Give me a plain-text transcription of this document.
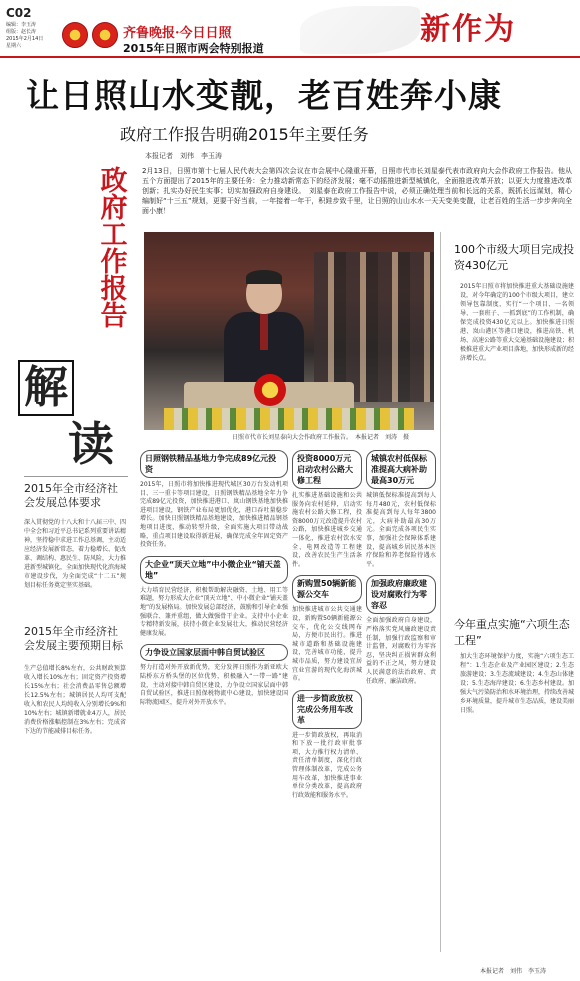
C02
编辑：李玉涛
组版：赵长涛
2015年2月14日
星期六
齐鲁晚报·今日日照
2015年日照市两会特别报道
新作为
让日照山水变靓，老百姓奔小康
政府工作报告明确2015年主要任务
本报记者　刘伟　李玉涛
2月13日，日照市第十七届人民代表大会第四次会议在市会展中心隆重开幕，日照市代市长刘星泰代表市政府向大会作政府工作报告。他从五个方面提出了2015年的主要任务：全力推动新常态下的经济发展；毫不动摇推进新型城镇化，全面推进改革开放；以更大力度推进改革创新；扎实办好民生实事；切实加强政府自身建设。　刘星泰在政府工作报告中说，必须正确处理当前和长远的关系，既抓长远谋划，精心编制好“十三五”规划，更要干好当前，一年接着一年干，积跬步致千里，让日照的山山水水一天天变美变靓，让老百姓的生活一步步奔向全面小康！
政府工作报告
解
读	日照市代市长刘星泰向大会作政府工作报告。　本报记者　刘涛　摄
2015年全市经济社会发展总体要求
深入贯彻党的十八大和十八届三中、四中全会和习近平总书记系列重要讲话精神，坚持稳中求进工作总基调，主动适应经济发展新常态，着力稳增长、促改革、调结构、惠民生、防风险，大力推进新型城镇化，全面加快现代化滨海城市建设步伐，为全面完成“十二五”规划目标任务奠定坚实基础。
2015年全市经济社会发展主要预期目标
生产总值增长8%左右，公共财政预算收入增长10%左右；固定资产投资增长15%左右；社会消费品零售总额增长12.5%左右；城镇居民人均可支配收入和农民人均纯收入分别增长9%和10%左右；城镇新增就业4万人，居民消费价格涨幅控制在3%左右；完成省下达的节能减排目标任务。
日照钢铁精品基地力争完成89亿元投资
2015年，日照市将加快推进现代城区30万台发动机项目、三一重卡等项目建设，日照钢铁精品基地全年力争完成89亿元投资，加快推进港口、岚山钢铁基地加快推进项目建设，钢铁产业布局更加优化，港口吞吐量稳步增长。加快日照钢铁精品基地建设，加快推进精品钢基地项目进度，推动转型升级，全面实施大项目带动战略，重点项目建设取得新进展，确保完成全年固定资产投资任务。
大企业“顶天立地”中小微企业“铺天盖地”
大力培育民营经济，积极帮助解决融资、土地、用工等难题，努力形成大企业“顶天立地”、中小微企业“铺天盖地”的发展格局。加快发展总部经济，鼓励和引导企业强强联合、兼并重组，做大做强骨干企业。支持中小企业专精特新发展，扶持小微企业发展壮大，推动民营经济健康发展。
力争设立国家层面中韩自贸试验区
努力打造对外开放新优势，充分发挥日照作为新亚欧大陆桥东方桥头堡的区位优势，积极融入“一带一路”建设，主动对接中韩自贸区建设，力争设立国家层面中韩自贸试验区，推进日照保税物流中心建设，加快建设国际物流园区，提升对外开放水平。
投资8000万元启动农村公路大修工程
扎实推进基础设施和公共服务向农村延伸，启动实施农村公路大修工程，投资8000万元改造提升农村公路，加快推进城乡交通一体化，推进农村饮水安全、电网改造等工程建设，改善农民生产生活条件。
新购置50辆新能源公交车
加快推进城市公共交通建设，新购置50辆新能源公交车，优化公交线网布局，方便市民出行。推进城市道路和基础设施建设，完善城市功能，提升城市品质，努力建设宜居宜业宜游的现代化海滨城市。
进一步简政放权完成公务用车改革
进一步简政放权，再取消和下放一批行政审批事项，大力推行权力清单、责任清单制度，深化行政管理体制改革，完成公务用车改革，加快推进事业单位分类改革，提高政府行政效能和服务水平。
城镇农村低保标准提高大病补助最高30万元
城镇低保标准提高到每人每月480元，农村低保标准提高到每人每年3800元，大病补助最高30万元。全面完成各项民生实事，加强社会保障体系建设，提高城乡居民基本医疗保险和养老保险待遇水平。
加强政府廉政建设对腐败行为零容忍
全面加强政府自身建设，严格落实党风廉政建设责任制，加强行政监察和审计监督，对腐败行为零容忍，坚决纠正损害群众利益的不正之风，努力建设人民满意的法治政府、责任政府、廉洁政府。
100个市级大项目完成投资430亿元
2015年日照市将加快推进重大基础设施建设，对今年确定的100个市级大项目，建立领导包靠制度，实行“一个项目、一名领导、一套班子、一抓到底”的工作机制，确保完成投资430亿元以上。加快推进日照港、岚山港区等港口建设，推进高铁、机场、高速公路等重大交通基础设施建设；积极推进重大产业项目落地，加快形成新的经济增长点。
今年重点实施“六项生态工程”
加大生态环境保护力度，实施“六项生态工程”：1.生态企业及产业园区建设；2.生态旅游建设；3.生态流域建设；4.生态山体建设；5.生态海岸建设；6.生态乡村建设。加强大气污染防治和水环境治理，持续改善城乡环境质量，提升城市生态品质，建设美丽日照。
本报记者　刘伟　李玉涛
